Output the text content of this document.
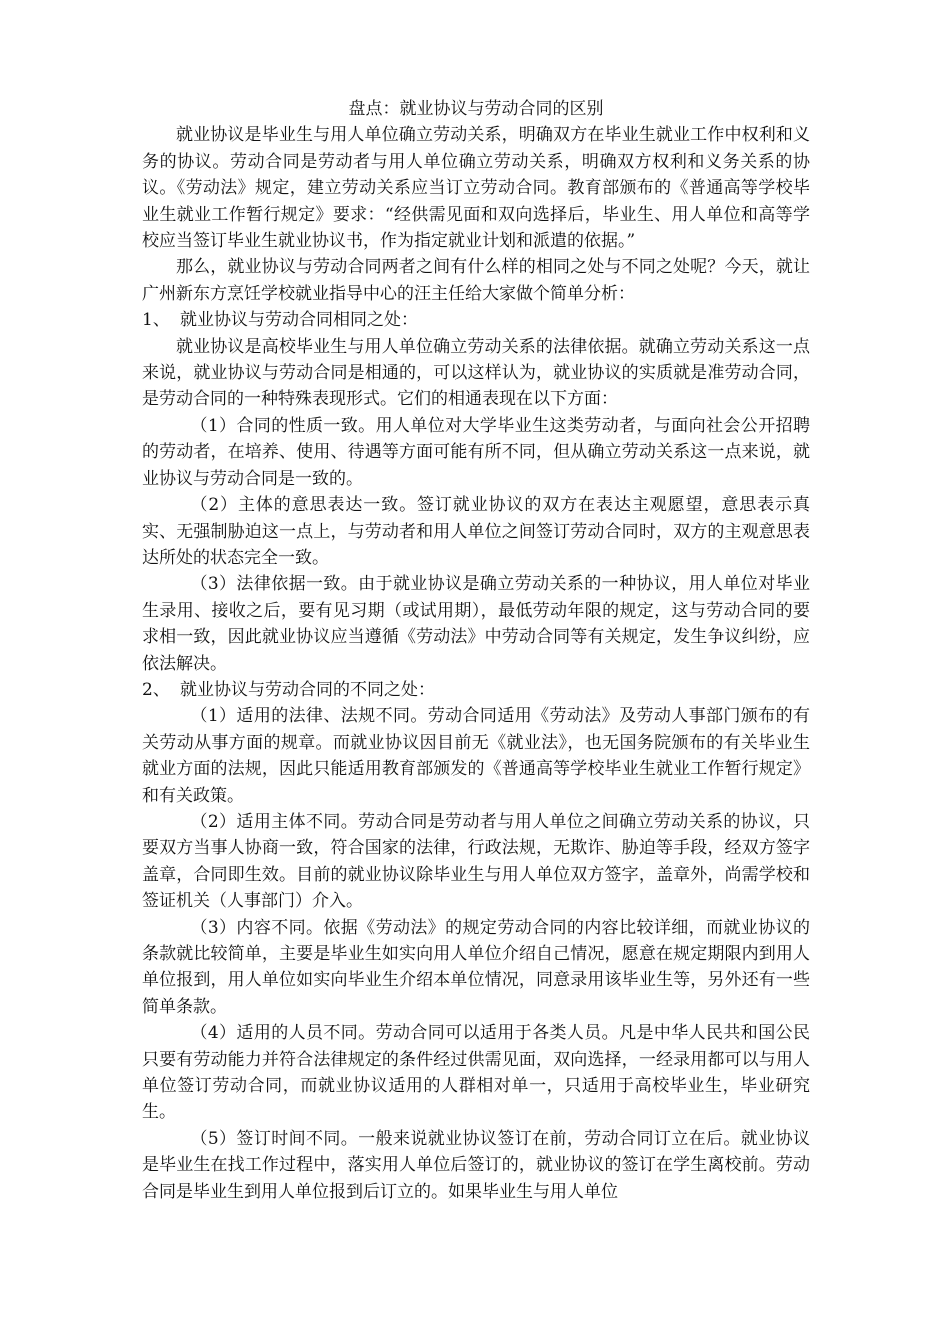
盘点：就业协议与劳动合同的区别

就业协议是毕业生与用人单位确立劳动关系，明确双方在毕业生就业工作中权利和义务的协议。劳动合同是劳动者与用人单位确立劳动关系，明确双方权利和义务关系的协议。《劳动法》规定，建立劳动关系应当订立劳动合同。教育部颁布的《普通高等学校毕业生就业工作暂行规定》要求：“经供需见面和双向选择后，毕业生、用人单位和高等学校应当签订毕业生就业协议书，作为指定就业计划和派遣的依据。”

那么，就业协议与劳动合同两者之间有什么样的相同之处与不同之处呢？今天，就让广州新东方烹饪学校就业指导中心的汪主任给大家做个简单分析：

1、 就业协议与劳动合同相同之处：

就业协议是高校毕业生与用人单位确立劳动关系的法律依据。就确立劳动关系这一点来说，就业协议与劳动合同是相通的，可以这样认为，就业协议的实质就是准劳动合同，是劳动合同的一种特殊表现形式。它们的相通表现在以下方面：

（1）合同的性质一致。用人单位对大学毕业生这类劳动者，与面向社会公开招聘的劳动者，在培养、使用、待遇等方面可能有所不同，但从确立劳动关系这一点来说，就业协议与劳动合同是一致的。

（2）主体的意思表达一致。签订就业协议的双方在表达主观愿望，意思表示真实、无强制胁迫这一点上，与劳动者和用人单位之间签订劳动合同时，双方的主观意思表达所处的状态完全一致。

（3）法律依据一致。由于就业协议是确立劳动关系的一种协议，用人单位对毕业生录用、接收之后，要有见习期（或试用期），最低劳动年限的规定，这与劳动合同的要求相一致，因此就业协议应当遵循《劳动法》中劳动合同等有关规定，发生争议纠纷，应依法解决。

2、 就业协议与劳动合同的不同之处：

（1）适用的法律、法规不同。劳动合同适用《劳动法》及劳动人事部门颁布的有关劳动从事方面的规章。而就业协议因目前无《就业法》，也无国务院颁布的有关毕业生就业方面的法规，因此只能适用教育部颁发的《普通高等学校毕业生就业工作暂行规定》和有关政策。

（2）适用主体不同。劳动合同是劳动者与用人单位之间确立劳动关系的协议，只要双方当事人协商一致，符合国家的法律，行政法规，无欺诈、胁迫等手段，经双方签字盖章，合同即生效。目前的就业协议除毕业生与用人单位双方签字，盖章外，尚需学校和签证机关（人事部门）介入。

（3）内容不同。依据《劳动法》的规定劳动合同的内容比较详细，而就业协议的条款就比较简单，主要是毕业生如实向用人单位介绍自己情况，愿意在规定期限内到用人单位报到，用人单位如实向毕业生介绍本单位情况，同意录用该毕业生等，另外还有一些简单条款。

（4）适用的人员不同。劳动合同可以适用于各类人员。凡是中华人民共和国公民只要有劳动能力并符合法律规定的条件经过供需见面，双向选择，一经录用都可以与用人单位签订劳动合同，而就业协议适用的人群相对单一，只适用于高校毕业生，毕业研究生。

（5）签订时间不同。一般来说就业协议签订在前，劳动合同订立在后。就业协议是毕业生在找工作过程中，落实用人单位后签订的，就业协议的签订在学生离校前。劳动合同是毕业生到用人单位报到后订立的。如果毕业生与用人单位
